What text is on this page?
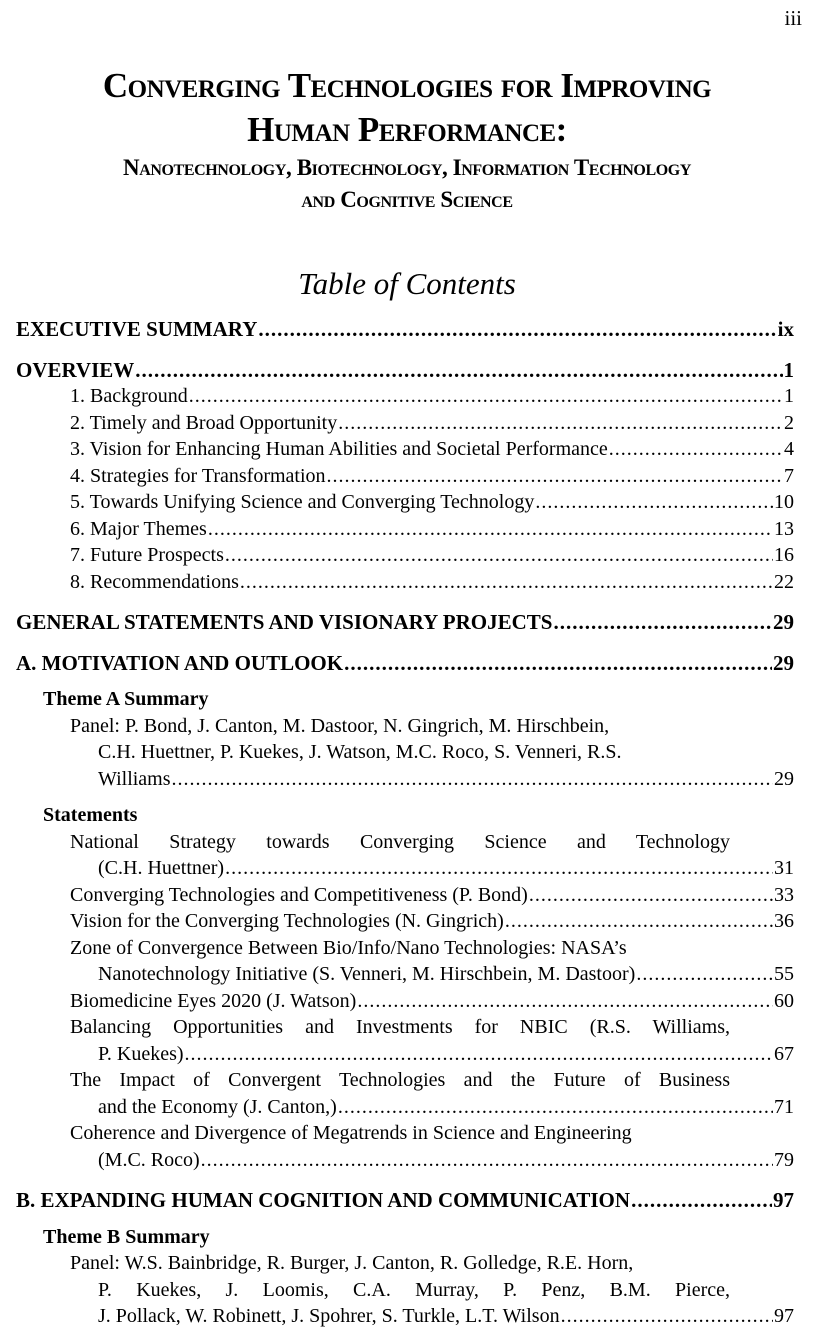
iii
Converging Technologies for Improving
Human Performance:
Nanotechnology, Biotechnology, Information Technology
and Cognitive Science
Table of Contents
EXECUTIVE SUMMARY .....	ix
OVERVIEW .....	1
1. Background .....	1
2. Timely and Broad Opportunity .....	2
3. Vision for Enhancing Human Abilities and Societal Performance .....	4
4. Strategies for Transformation .....	7
5. Towards Unifying Science and Converging Technology .....	10
6. Major Themes .....	13
7. Future Prospects .....	16
8. Recommendations .....	22
GENERAL STATEMENTS AND VISIONARY PROJECTS .....	29
A. MOTIVATION AND OUTLOOK .....	29
Theme A Summary
Panel: P. Bond, J. Canton, M. Dastoor, N. Gingrich, M. Hirschbein,
C.H. Huettner, P. Kuekes, J. Watson, M.C. Roco, S. Venneri, R.S.
Williams .....	29
Statements
National Strategy towards Converging Science and Technology
(C.H. Huettner) .....	31
Converging Technologies and Competitiveness (P. Bond) .....	33
Vision for the Converging Technologies (N. Gingrich) .....	36
Zone of Convergence Between Bio/Info/Nano Technologies: NASA’s
Nanotechnology Initiative (S. Venneri, M. Hirschbein, M. Dastoor) .....	55
Biomedicine Eyes 2020 (J. Watson) .....	60
Balancing Opportunities and Investments for NBIC (R.S. Williams,
P. Kuekes) .....	67
The Impact of Convergent Technologies and the Future of Business
and the Economy (J. Canton,) .....	71
Coherence and Divergence of Megatrends in Science and Engineering
(M.C. Roco) .....	79
B. EXPANDING HUMAN COGNITION AND COMMUNICATION .....	97
Theme B Summary
Panel: W.S. Bainbridge, R. Burger, J. Canton, R. Golledge, R.E. Horn,
P. Kuekes, J. Loomis, C.A. Murray, P. Penz, B.M. Pierce,
J. Pollack, W. Robinett, J. Spohrer, S. Turkle, L.T. Wilson .....	97
